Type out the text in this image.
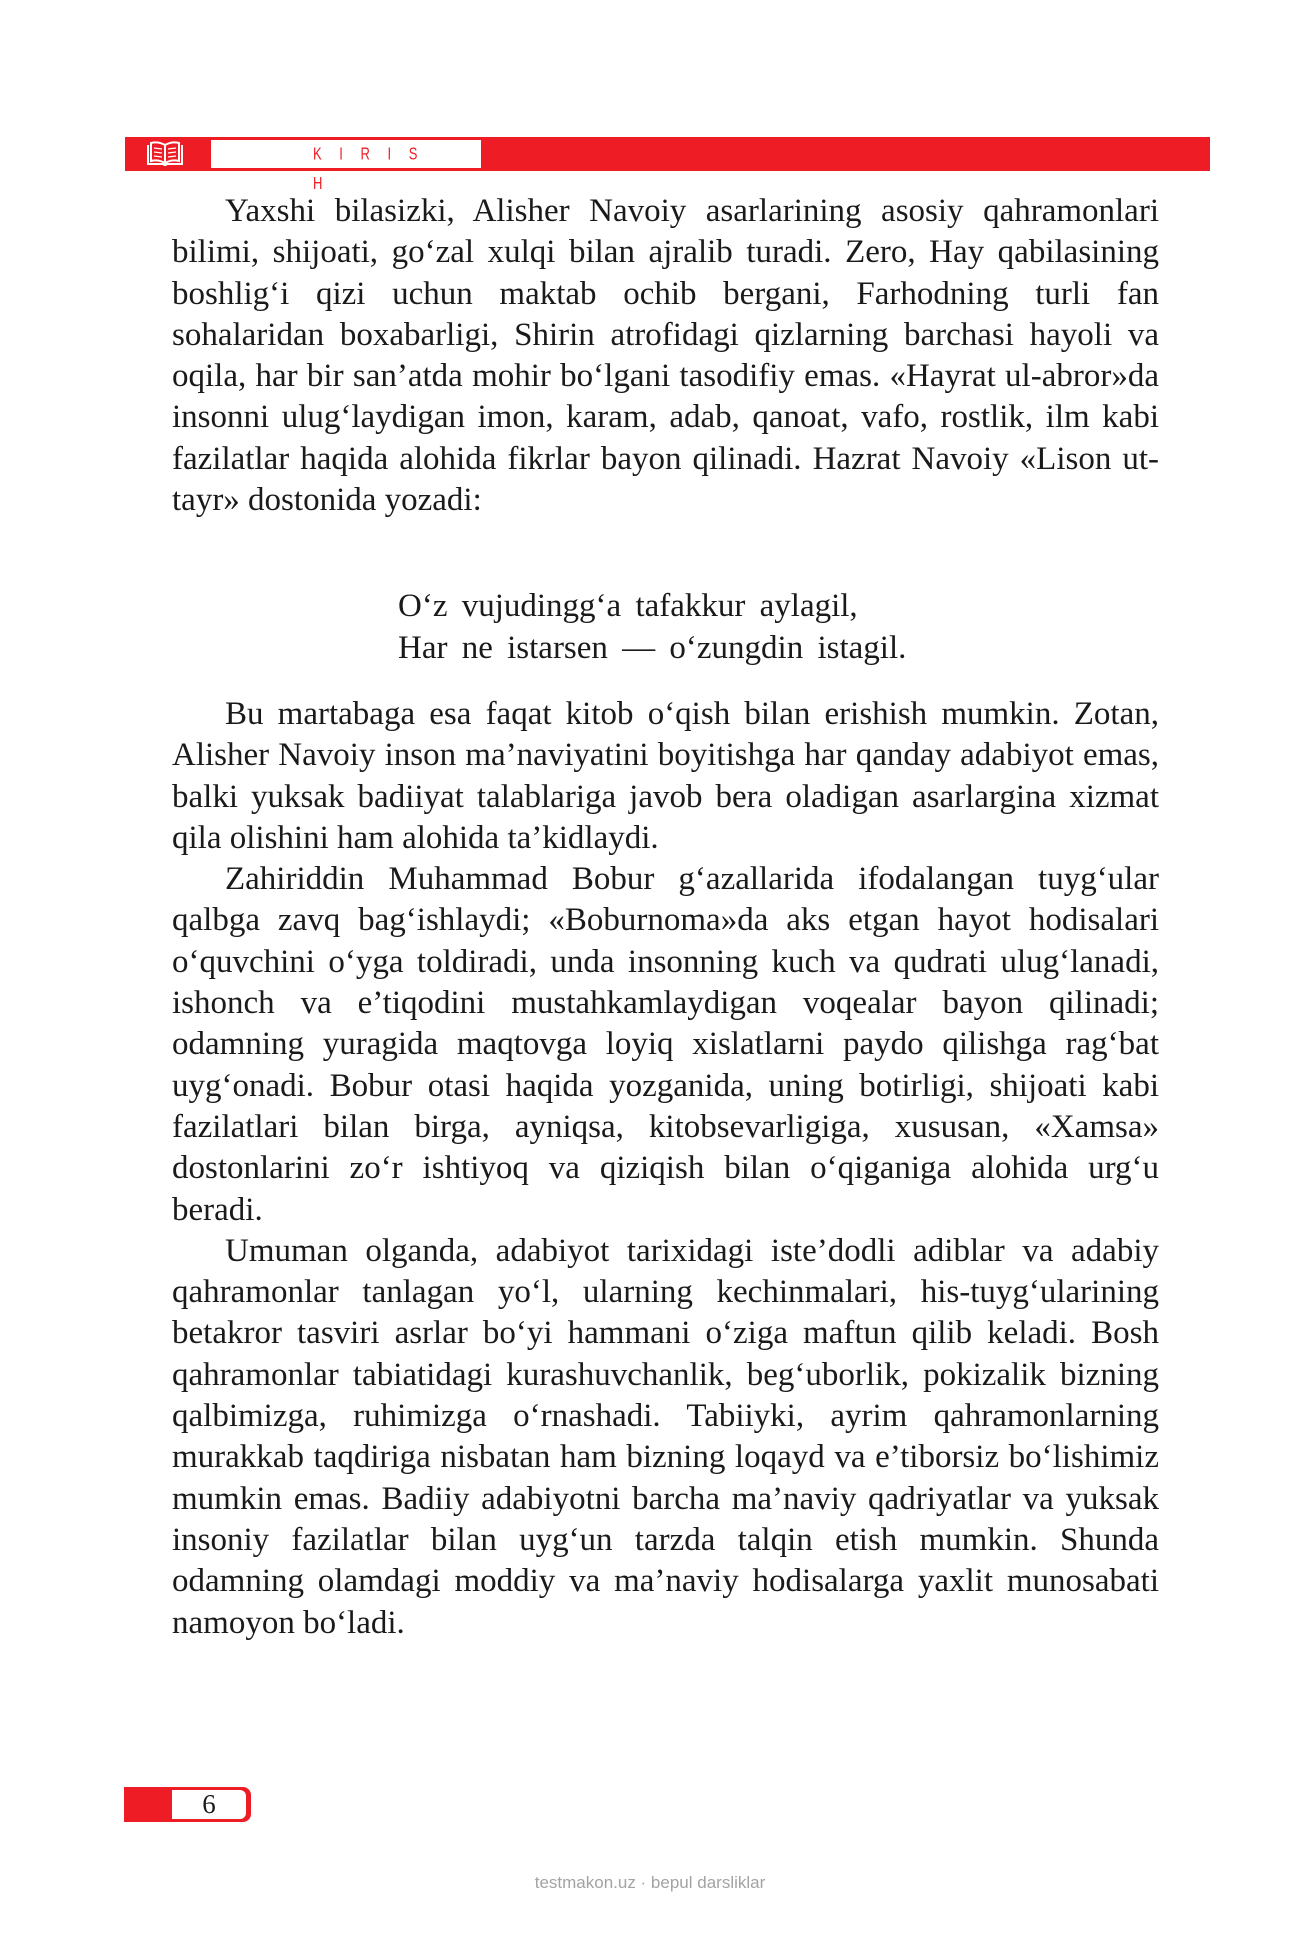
K I R I S H

Yaxshi bilasizki, Alisher Navoiy asarlarining asosiy qahramonlari bilimi, shijoati, go‘zal xulqi bilan ajralib turadi. Zero, Hay qabilasining boshlig‘i qizi uchun maktab ochib bergani, Farhodning turli fan sohalaridan boxabarligi, Shirin atrofidagi qizlarning barchasi hayoli va oqila, har bir san’atda mohir bo‘lgani tasodifiy emas. «Hayrat ul-abror»da insonni ulug‘laydigan imon, karam, adab, qanoat, vafo, rostlik, ilm kabi fazilatlar haqida alohida fikrlar bayon qilinadi. Hazrat Navoiy «Lison ut-tayr» dostonida yozadi:

O‘z vujudingg‘a tafakkur aylagil,
Har ne istarsen — o‘zungdin istagil.

Bu martabaga esa faqat kitob o‘qish bilan erishish mumkin. Zotan, Alisher Navoiy inson ma’naviyatini boyitishga har qanday adabiyot emas, balki yuksak badiiyat talablariga javob bera oladigan asarlargina xizmat qila olishini ham alohida ta’kidlaydi.

Zahiriddin Muhammad Bobur g‘azallarida ifodalangan tuyg‘ular qalbga zavq bag‘ishlaydi; «Boburnoma»da aks etgan hayot hodisalari o‘quvchini o‘yga toldiradi, unda insonning kuch va qudrati ulug‘lanadi, ishonch va e’tiqodini mustahkamlaydigan voqealar bayon qilinadi; odamning yuragida maqtovga loyiq xislatlarni paydo qilishga rag‘bat uyg‘onadi. Bobur otasi haqida yozganida, uning botirligi, shijoati kabi fazilatlari bilan birga, ayniqsa, kitobsevarligiga, xususan, «Xamsa» dostonlarini zo‘r ishtiyoq va qiziqish bilan o‘qiganiga alohida urg‘u beradi.

Umuman olganda, adabiyot tarixidagi iste’dodli adiblar va adabiy qahramonlar tanlagan yo‘l, ularning kechinmalari, his-tuyg‘ularining betakror tasviri asrlar bo‘yi hammani o‘ziga maftun qilib keladi. Bosh qahramonlar tabiatidagi kurashuvchanlik, beg‘uborlik, pokizalik bizning qalbimizga, ruhimizga o‘rnashadi. Tabiiyki, ayrim qahramonlarning murakkab taqdiriga nisbatan ham bizning loqayd va e’tiborsiz bo‘lishimiz mumkin emas. Badiiy adabiyotni barcha ma’naviy qadriyatlar va yuksak insoniy fazilatlar bilan uyg‘un tarzda talqin etish mumkin. Shunda odamning olamdagi moddiy va ma’naviy hodisalarga yaxlit munosabati namoyon bo‘ladi.

6
testmakon.uz · bepul darsliklar
